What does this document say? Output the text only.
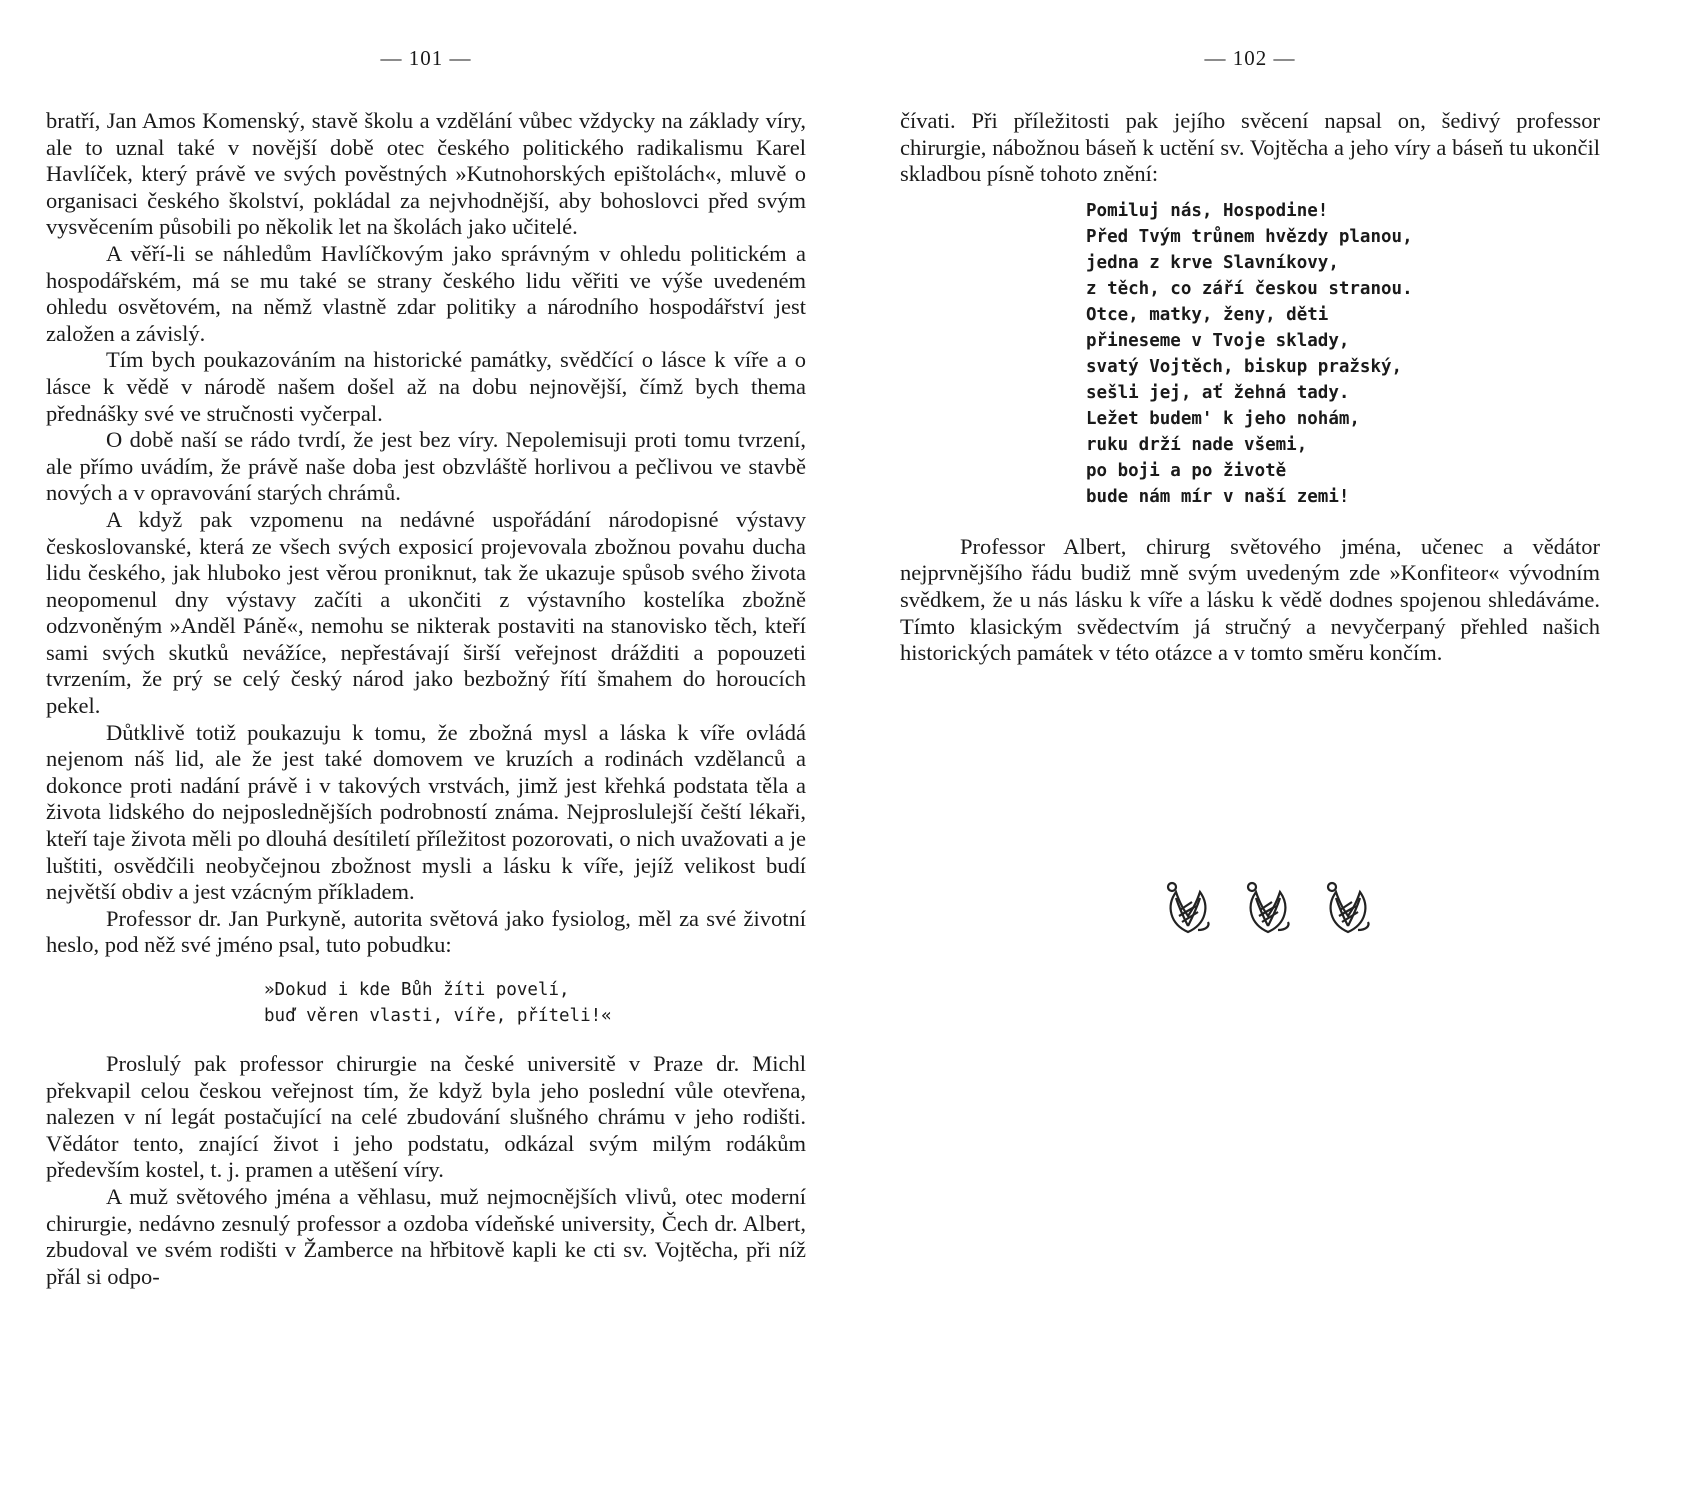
— 101 —

bratří, Jan Amos Komenský, stavě školu a vzdělání vůbec vždycky na základy víry, ale to uznal také v novější době otec českého politického radikalismu Karel Havlíček, který právě ve svých pověstných »Kutnohorských epištolách«, mluvě o organisaci českého školství, pokládal za nejvhodnější, aby bohoslovci před svým vysvěcením působili po několik let na školách jako učitelé.

A věří-li se náhledům Havlíčkovým jako správným v ohledu politickém a hospodářském, má se mu také se strany českého lidu věřiti ve výše uvedeném ohledu osvětovém, na němž vlastně zdar politiky a národního hospodářství jest založen a závislý.

Tím bych poukazováním na historické památky, svědčící o lásce k víře a o lásce k vědě v národě našem došel až na dobu nejnovější, čímž bych thema přednášky své ve stručnosti vyčerpal.

O době naší se rádo tvrdí, že jest bez víry. Nepolemisuji proti tomu tvrzení, ale přímo uvádím, že právě naše doba jest obzvláště horlivou a pečlivou ve stavbě nových a v opravování starých chrámů.

A když pak vzpomenu na nedávné uspořádání národopisné výstavy českoslovanské, která ze všech svých exposicí projevovala zbožnou povahu ducha lidu českého, jak hluboko jest věrou proniknut, tak že ukazuje spůsob svého života neopomenul dny výstavy začíti a ukončiti z výstavního kostelíka zbožně odzvoněným »Anděl Páně«, nemohu se nikterak postaviti na stanovisko těch, kteří sami svých skutků nevážíce, nepřestávají širší veřejnost drážditi a popouzeti tvrzením, že prý se celý český národ jako bezbožný řítí šmahem do horoucích pekel.

Důtklivě totiž poukazuju k tomu, že zbožná mysl a láska k víře ovládá nejenom náš lid, ale že jest také domovem ve kruzích a rodinách vzdělanců a dokonce proti nadání právě i v takových vrstvách, jimž jest křehká podstata těla a života lidského do nejposlednějších podrobností známa. Nejproslulejší čeští lékaři, kteří taje života měli po dlouhá desítiletí příležitost pozorovati, o nich uvažovati a je luštiti, osvědčili neobyčejnou zbožnost mysli a lásku k víře, jejíž velikost budí největší obdiv a jest vzácným příkladem.

Professor dr. Jan Purkyně, autorita světová jako fysiolog, měl za své životní heslo, pod něž své jméno psal, tuto pobudku:

»Dokud i kde Bůh žíti povelí,
buď věren vlasti, víře, příteli!«

Proslulý pak professor chirurgie na české universitě v Praze dr. Michl překvapil celou českou veřejnost tím, že když byla jeho poslední vůle otevřena, nalezen v ní legát postačující na celé zbudování slušného chrámu v jeho rodišti. Vědátor tento, znající život i jeho podstatu, odkázal svým milým rodákům především kostel, t. j. pramen a utěšení víry.

A muž světového jména a věhlasu, muž nejmocnějších vlivů, otec moderní chirurgie, nedávno zesnulý professor a ozdoba vídeňské university, Čech dr. Albert, zbudoval ve svém rodišti v Žamberce na hřbitově kapli ke cti sv. Vojtěcha, při níž přál si odpo-

— 102 —

čívati. Při příležitosti pak jejího svěcení napsal on, šedivý professor chirurgie, nábožnou báseň k uctění sv. Vojtěcha a jeho víry a báseň tu ukončil skladbou písně tohoto znění:

Pomiluj nás, Hospodine!
Před Tvým trůnem hvězdy planou,
jedna z krve Slavníkovy,
z těch, co září českou stranou.
Otce, matky, ženy, děti
přineseme v Tvoje sklady,
svatý Vojtěch, biskup pražský,
sešli jej, ať žehná tady.
Ležet budem' k jeho nohám,
ruku drží nade všemi,
po boji a po životě
bude nám mír v naší zemi!

Professor Albert, chirurg světového jména, učenec a vědátor nejprvnějšího řádu budiž mně svým uvedeným zde »Konfiteor« vývodním svědkem, že u nás lásku k víře a lásku k vědě dodnes spojenou shledáváme. Tímto klasickým svědectvím já stručný a nevyčerpaný přehled našich historických památek v této otázce a v tomto směru končím.
